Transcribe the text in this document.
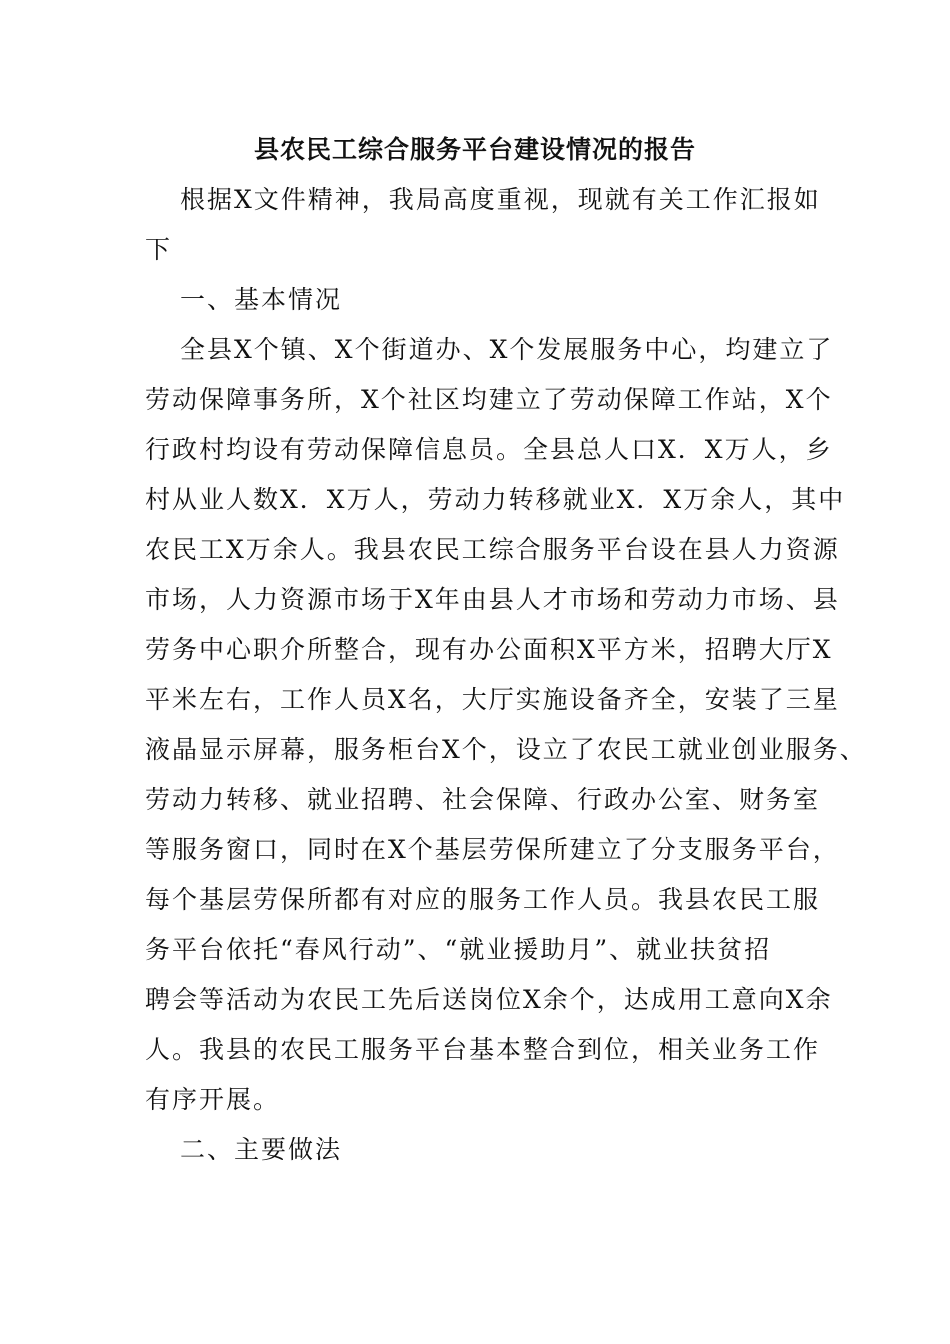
县农民工综合服务平台建设情况的报告
根据X文件精神，我局高度重视，现就有关工作汇报如
下
一、基本情况
全县X个镇、X个街道办、X个发展服务中心，均建立了
劳动保障事务所，X个社区均建立了劳动保障工作站，X个
行政村均设有劳动保障信息员。全县总人口X．X万人，乡
村从业人数X．X万人，劳动力转移就业X．X万余人，其中
农民工X万余人。我县农民工综合服务平台设在县人力资源
市场，人力资源市场于X年由县人才市场和劳动力市场、县
劳务中心职介所整合，现有办公面积X平方米，招聘大厅X
平米左右，工作人员X名，大厅实施设备齐全，安装了三星
液晶显示屏幕，服务柜台X个，设立了农民工就业创业服务、
劳动力转移、就业招聘、社会保障、行政办公室、财务室
等服务窗口，同时在X个基层劳保所建立了分支服务平台，
每个基层劳保所都有对应的服务工作人员。我县农民工服
务平台依托“春风行动”、“就业援助月”、就业扶贫招
聘会等活动为农民工先后送岗位X余个，达成用工意向X余
人。我县的农民工服务平台基本整合到位，相关业务工作
有序开展。
二、主要做法
